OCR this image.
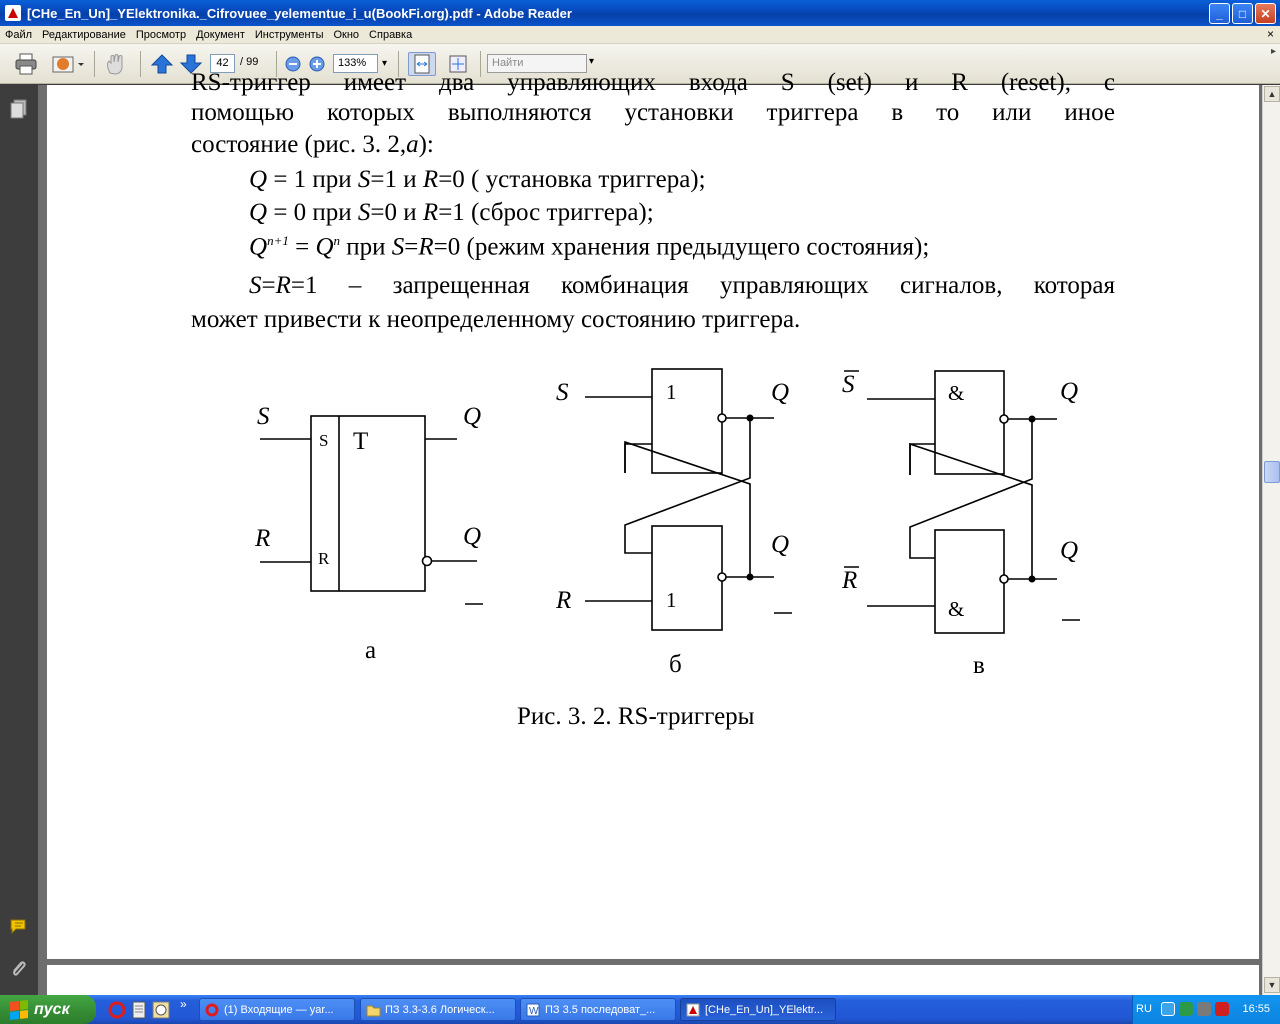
[CHe_En_Un]_YElektronika._Cifrovuee_yelementue_i_u(BookFi.org).pdf - Adobe Reader	_	□	✕
Файл Редактирование Просмотр Документ Инструменты Окно Справка	×
42	/ 99	133% ▾	Найти	▾
▸
RS-триггер имеет два управляющих входа S (set) и R (reset), с
помощью которых выполняются установки триггера в то или иное
состояние (рис. 3. 2,а):
Q = 1 при S=1 и R=0 ( установка триггера);
Q = 0 при S=0 и R=1 (сброс триггера);
$Q^{n+1} = Q^n$ при S=R=0 (режим хранения предыдущего состояния);
S=R=1 – запрещенная комбинация управляющих сигналов, которая
может привести к неопределенному состоянию триггера.
S
R
S
R
T
Q
Q
а
S
R
1
1
Q
Q
б
S
R
&
&
Q
Q
в
Рис. 3. 2. RS-триггеры
▲
▼
пуск	»	(1) Входящие — yar...	ПЗ 3.3-3.6 Логическ...	W ПЗ 3.5 последоват_...	[CHe_En_Un]_YElektr...	RU	16:55
